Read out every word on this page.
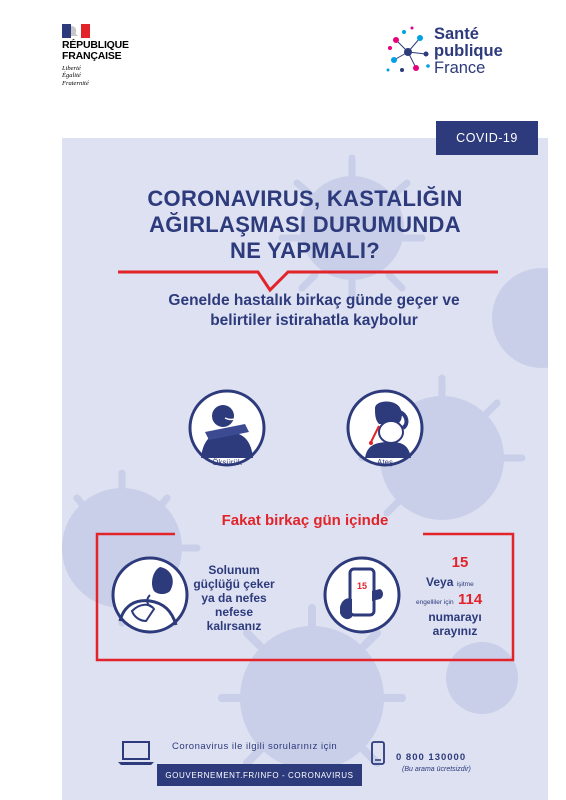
RÉPUBLIQUE
FRANÇAISE
Liberté
Égalité
Fraternité
Santé
publique
France
COVID-19
CORONAVIRUS, KASTALIĞIN
AĞIRLAŞMASI DURUMUNDA
NE YAPMALI?
Genelde hastalık birkaç günde geçer ve
belirtiler istirahatla kaybolur
Öksürük	Ateş
Fakat birkaç gün içinde
Solunum
güçlüğü çeker
ya da nefes
nefese
kalırsanız
15
15
Veya işitme
engelliler için 114
numarayı
arayınız
Coronavirus ile ilgili sorularınız için
0 800 130000
(Bu arama ücretsizdir)
GOUVERNEMENT.FR/INFO - CORONAVIRUS
